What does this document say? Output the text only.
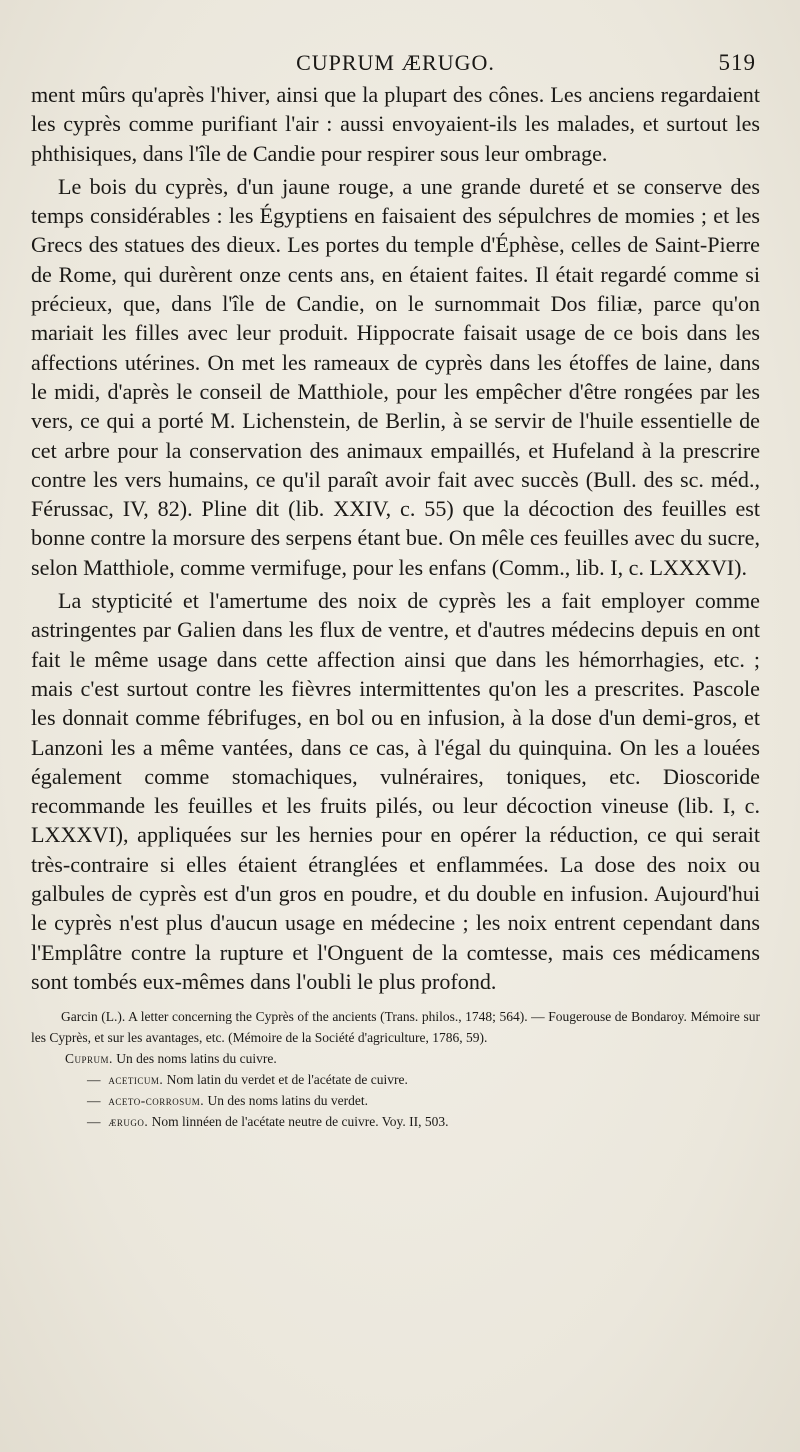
CUPRUM ÆRUGO.	519

ment mûrs qu'après l'hiver, ainsi que la plupart des cônes. Les anciens regardaient les cyprès comme purifiant l'air : aussi envoyaient-ils les malades, et surtout les phthisiques, dans l'île de Candie pour respirer sous leur ombrage.

Le bois du cyprès, d'un jaune rouge, a une grande dureté et se conserve des temps considérables : les Égyptiens en faisaient des sépulchres de momies ; et les Grecs des statues des dieux. Les portes du temple d'Éphèse, celles de Saint-Pierre de Rome, qui durèrent onze cents ans, en étaient faites. Il était regardé comme si précieux, que, dans l'île de Candie, on le surnommait Dos filiæ, parce qu'on mariait les filles avec leur produit. Hippocrate faisait usage de ce bois dans les affections utérines. On met les rameaux de cyprès dans les étoffes de laine, dans le midi, d'après le conseil de Matthiole, pour les empêcher d'être rongées par les vers, ce qui a porté M. Lichenstein, de Berlin, à se servir de l'huile essentielle de cet arbre pour la conservation des animaux empaillés, et Hufeland à la prescrire contre les vers humains, ce qu'il paraît avoir fait avec succès (Bull. des sc. méd., Férussac, IV, 82). Pline dit (lib. XXIV, c. 55) que la décoction des feuilles est bonne contre la morsure des serpens étant bue. On mêle ces feuilles avec du sucre, selon Matthiole, comme vermifuge, pour les enfans (Comm., lib. I, c. LXXXVI).

La stypticité et l'amertume des noix de cyprès les a fait employer comme astringentes par Galien dans les flux de ventre, et d'autres médecins depuis en ont fait le même usage dans cette affection ainsi que dans les hémorrhagies, etc. ; mais c'est surtout contre les fièvres intermittentes qu'on les a prescrites. Pascole les donnait comme fébrifuges, en bol ou en infusion, à la dose d'un demi-gros, et Lanzoni les a même vantées, dans ce cas, à l'égal du quinquina. On les a louées également comme stomachiques, vulnéraires, toniques, etc. Dioscoride recommande les feuilles et les fruits pilés, ou leur décoction vineuse (lib. I, c. LXXXVI), appliquées sur les hernies pour en opérer la réduction, ce qui serait très-contraire si elles étaient étranglées et enflammées. La dose des noix ou galbules de cyprès est d'un gros en poudre, et du double en infusion. Aujourd'hui le cyprès n'est plus d'aucun usage en médecine ; les noix entrent cependant dans l'Emplâtre contre la rupture et l'Onguent de la comtesse, mais ces médicamens sont tombés eux-mêmes dans l'oubli le plus profond.

Garcin (L.). A letter concerning the Cyprès of the ancients (Trans. philos., 1748; 564). — Fougerouse de Bondaroy. Mémoire sur les Cyprès, et sur les avantages, etc. (Mémoire de la Société d'agriculture, 1786, 59).
Cuprum. Un des noms latins du cuivre.
— aceticum. Nom latin du verdet et de l'acétate de cuivre.
— aceto-corrosum. Un des noms latins du verdet.
— ærugo. Nom linnéen de l'acétate neutre de cuivre. Voy. II, 503.
